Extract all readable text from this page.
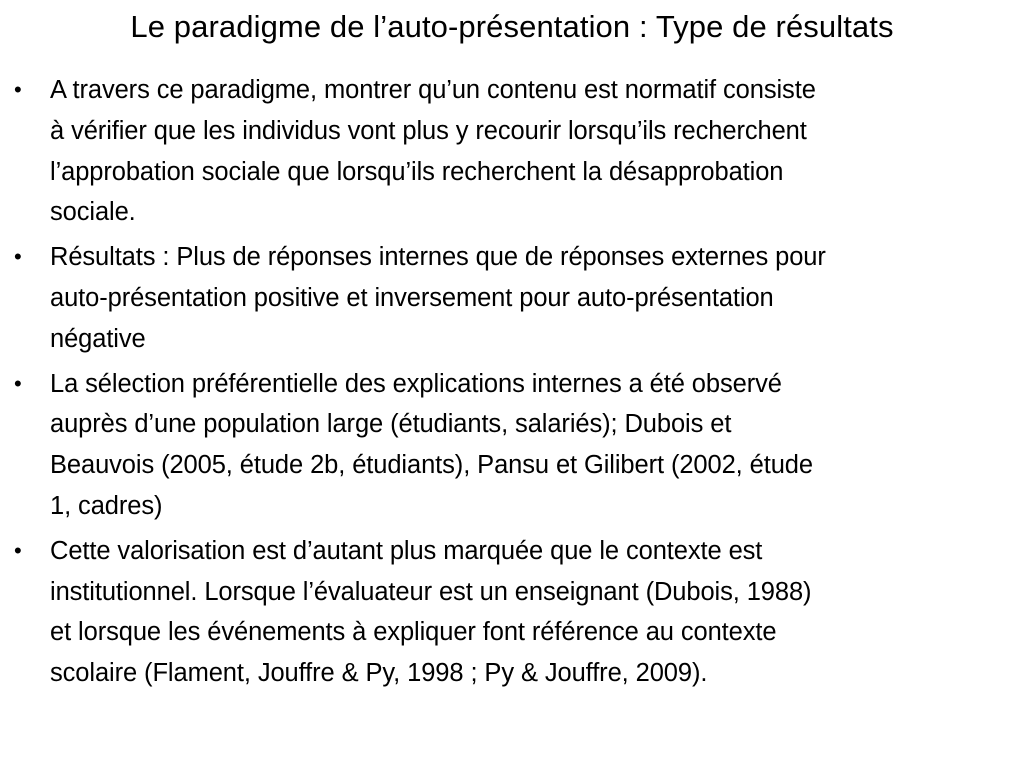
Le paradigme de l’auto-présentation : Type de résultats
•	A travers ce paradigme, montrer qu’un contenu est normatif consiste
à vérifier que les individus vont plus y recourir lorsqu’ils recherchent
l’approbation sociale que lorsqu’ils recherchent la désapprobation
sociale.
•	Résultats : Plus de réponses internes que de réponses externes pour
auto-présentation positive et inversement pour auto-présentation
négative
•	La sélection préférentielle des explications internes a été observé
auprès d’une population large (étudiants, salariés); Dubois et
Beauvois (2005, étude 2b, étudiants), Pansu et Gilibert (2002, étude
1, cadres)
•	Cette valorisation est d’autant plus marquée que le contexte est
institutionnel. Lorsque l’évaluateur est un enseignant (Dubois, 1988)
et lorsque les événements à expliquer font référence au contexte
scolaire (Flament, Jouffre & Py, 1998 ; Py & Jouffre, 2009).
